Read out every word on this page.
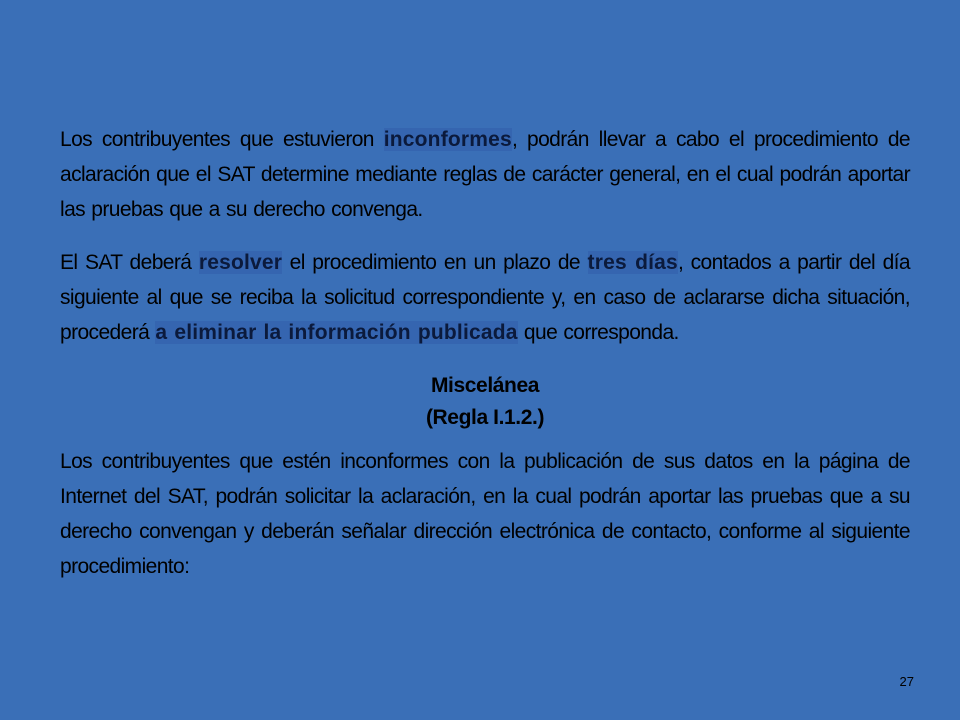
Los contribuyentes que estuvieron inconformes, podrán llevar a cabo el procedimiento de aclaración que el SAT determine mediante reglas de carácter general, en el cual podrán aportar las pruebas que a su derecho convenga.

El SAT deberá resolver el procedimiento en un plazo de tres días, contados a partir del día siguiente al que se reciba la solicitud correspondiente y, en caso de aclararse dicha situación, procederá a eliminar la información publicada que corresponda.

Miscelánea

(Regla I.1.2.)

Los contribuyentes que estén inconformes con la publicación de sus datos en la página de Internet del SAT, podrán solicitar la aclaración, en la cual podrán aportar las pruebas que a su derecho convengan y deberán señalar dirección electrónica de contacto, conforme al siguiente procedimiento:

27
